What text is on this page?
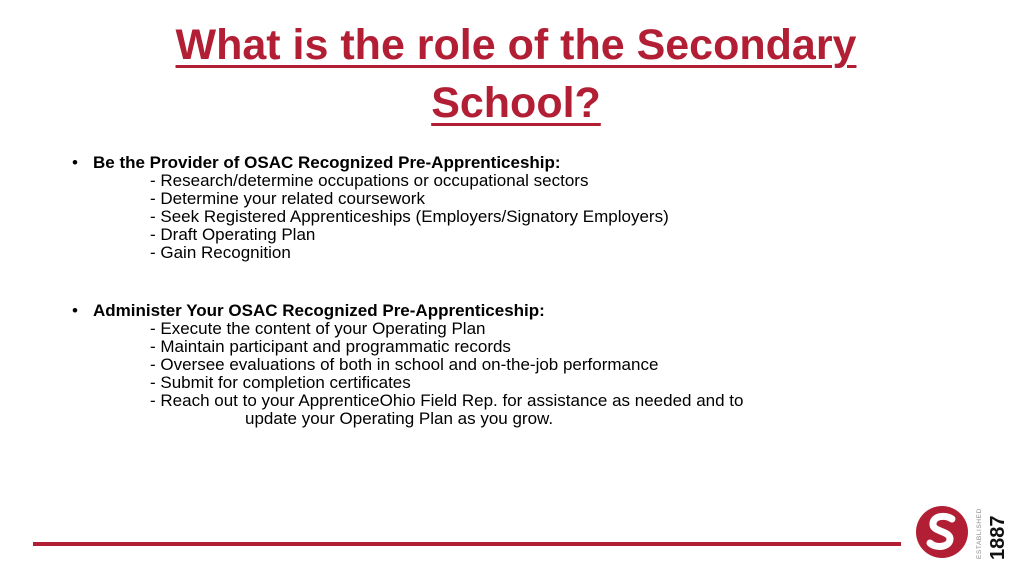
What is the role of the Secondary
School?
• Be the Provider of OSAC Recognized Pre-Apprenticeship:
- Research/determine occupations or occupational sectors
- Determine your related coursework
- Seek Registered Apprenticeships (Employers/Signatory Employers)
- Draft Operating Plan
- Gain Recognition
• Administer Your OSAC Recognized Pre-Apprenticeship:
- Execute the content of your Operating Plan
- Maintain participant and programmatic records
- Oversee evaluations of both in school and on-the-job performance
- Submit for completion certificates
- Reach out to your ApprenticeOhio Field Rep. for assistance as needed and to
update your Operating Plan as you grow.
ESTABLISHED 1887
